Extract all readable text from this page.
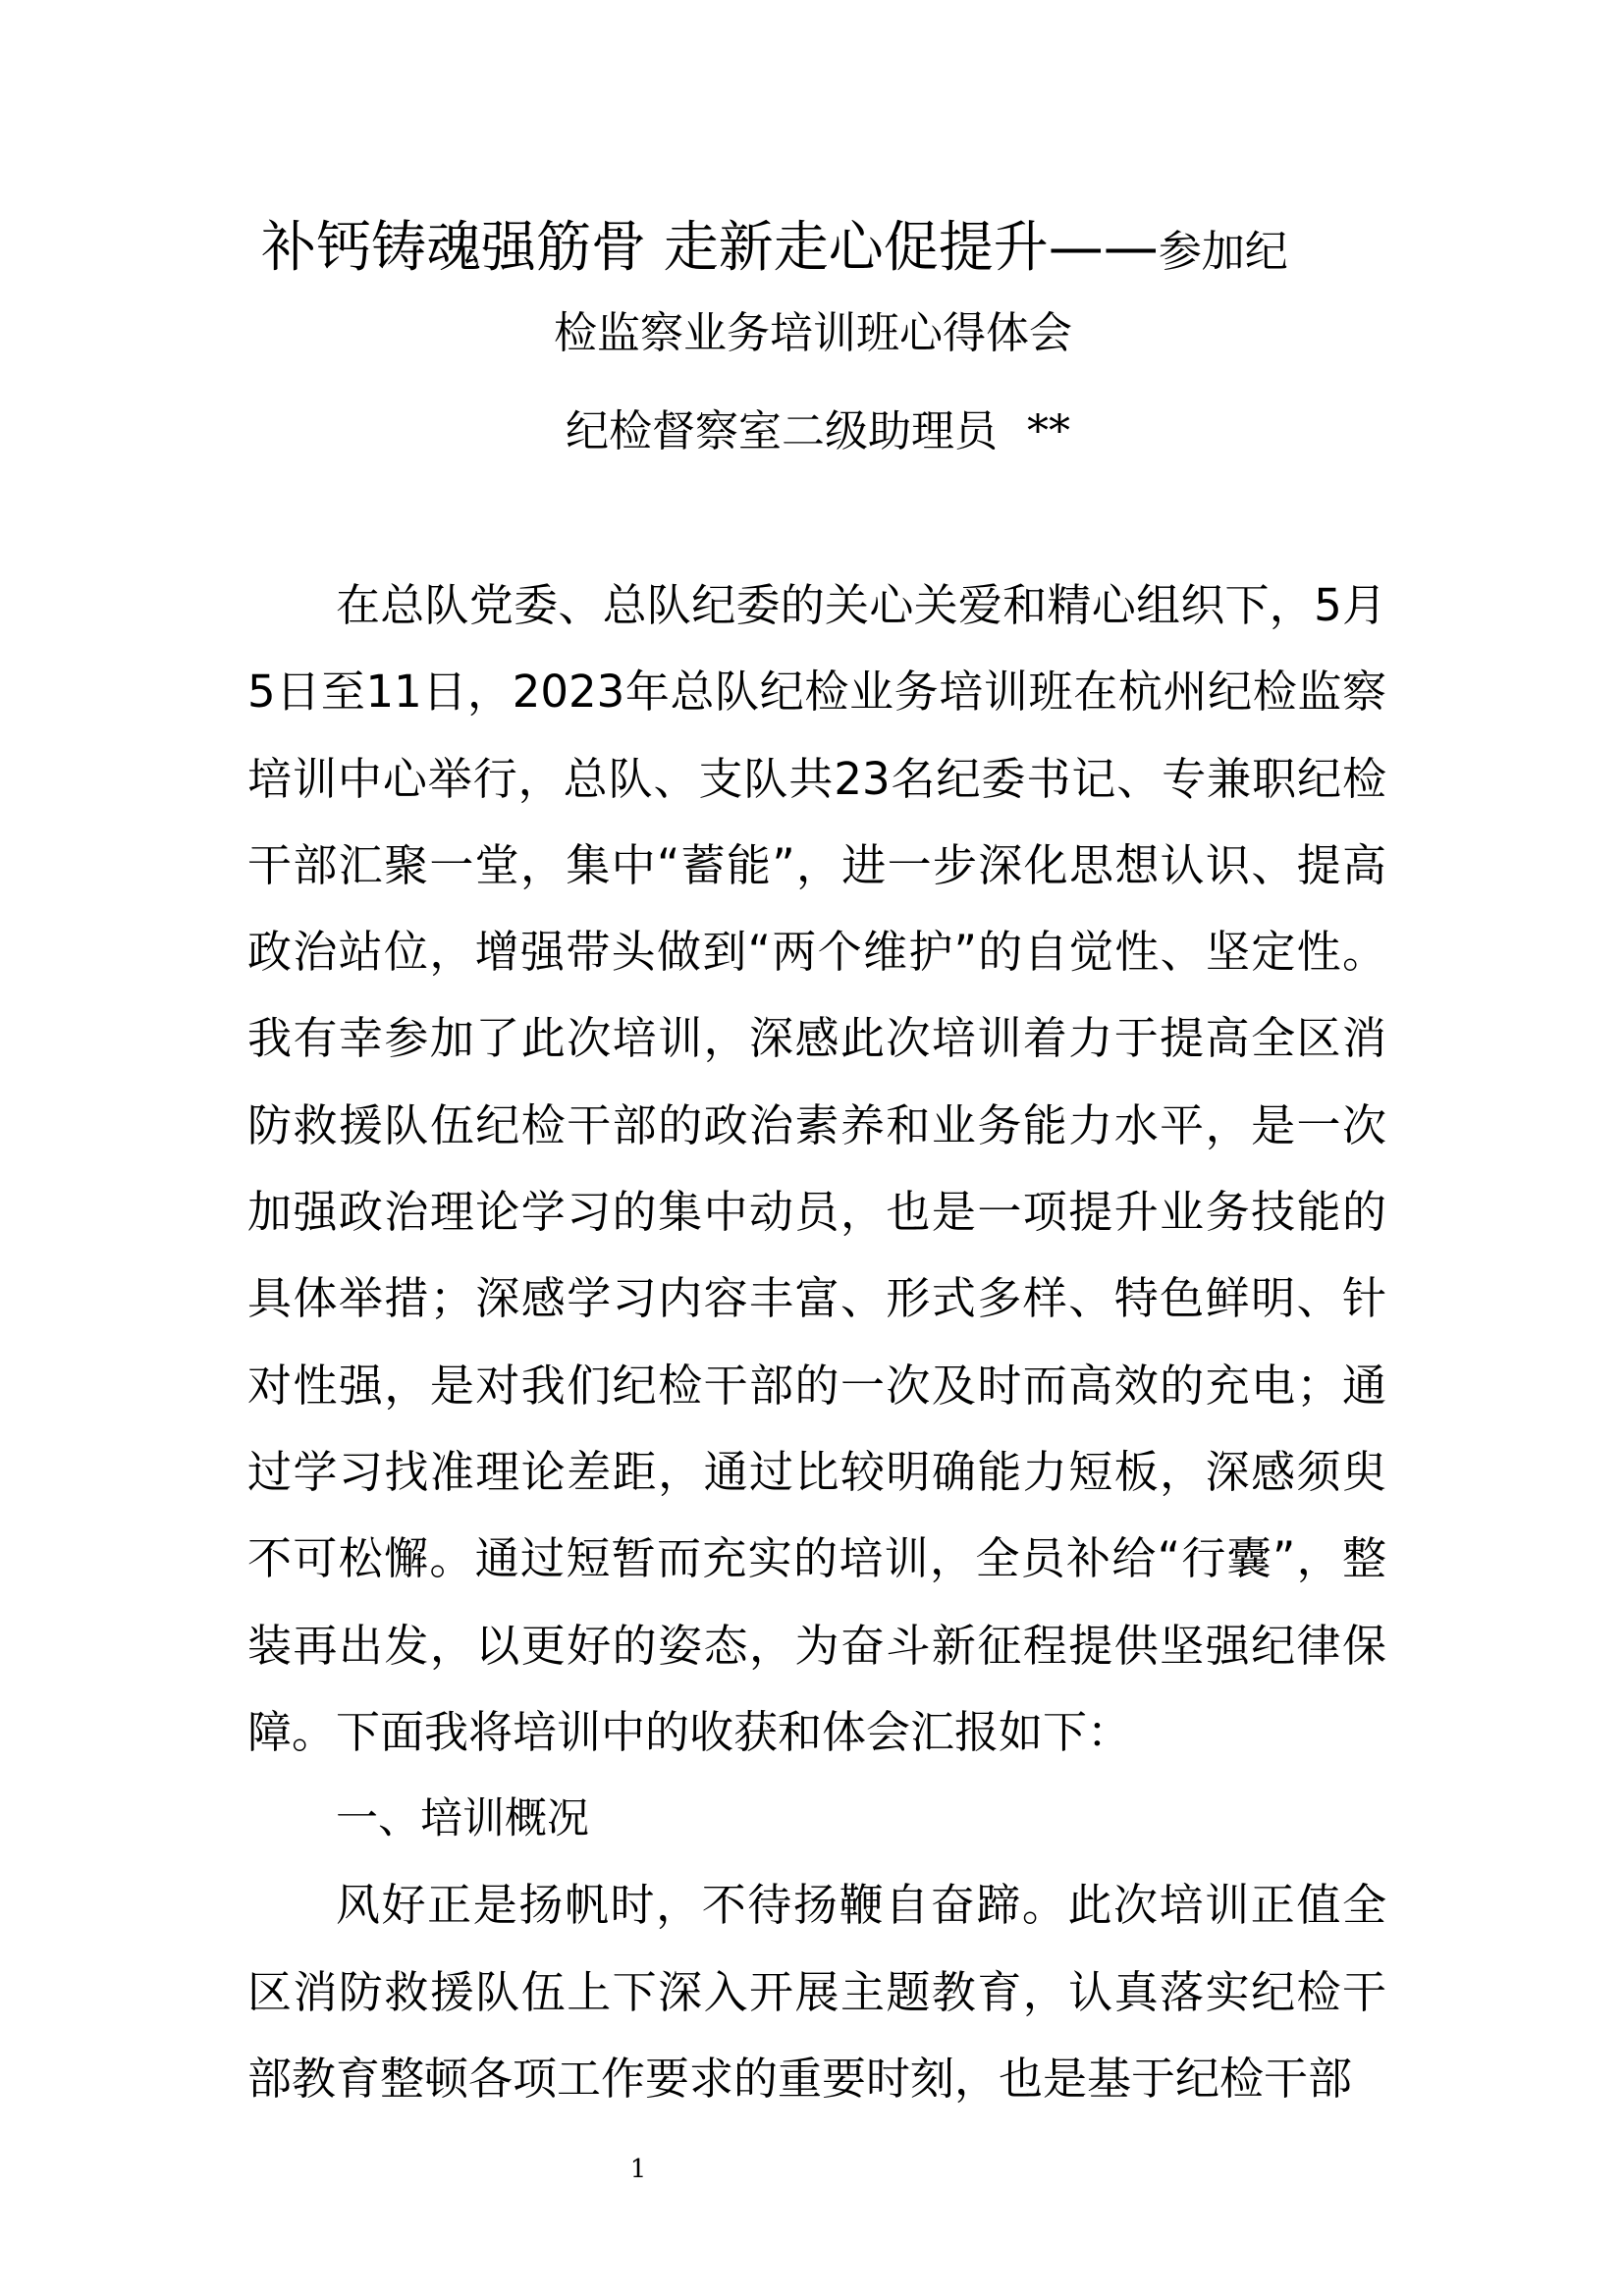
补钙铸魂强筋骨 走新走心促提升——参加纪
检监察业务培训班心得体会
纪检督察室二级助理员 **

在总队党委、总队纪委的关心关爱和精心组织下，5月5日至11日，2023年总队纪检业务培训班在杭州纪检监察培训中心举行，总队、支队共23名纪委书记、专兼职纪检干部汇聚一堂，集中“蓄能”，进一步深化思想认识、提高政治站位，增强带头做到“两个维护”的自觉性、坚定性。我有幸参加了此次培训，深感此次培训着力于提高全区消防救援队伍纪检干部的政治素养和业务能力水平，是一次加强政治理论学习的集中动员，也是一项提升业务技能的具体举措；深感学习内容丰富、形式多样、特色鲜明、针对性强，是对我们纪检干部的一次及时而高效的充电；通过学习找准理论差距，通过比较明确能力短板，深感须臾不可松懈。通过短暂而充实的培训，全员补给“行囊”，整装再出发，以更好的姿态，为奋斗新征程提供坚强纪律保障。下面我将培训中的收获和体会汇报如下：

一、培训概况

风好正是扬帆时，不待扬鞭自奋蹄。此次培训正值全区消防救援队伍上下深入开展主题教育，认真落实纪检干部教育整顿各项工作要求的重要时刻，也是基于纪检干部

1
